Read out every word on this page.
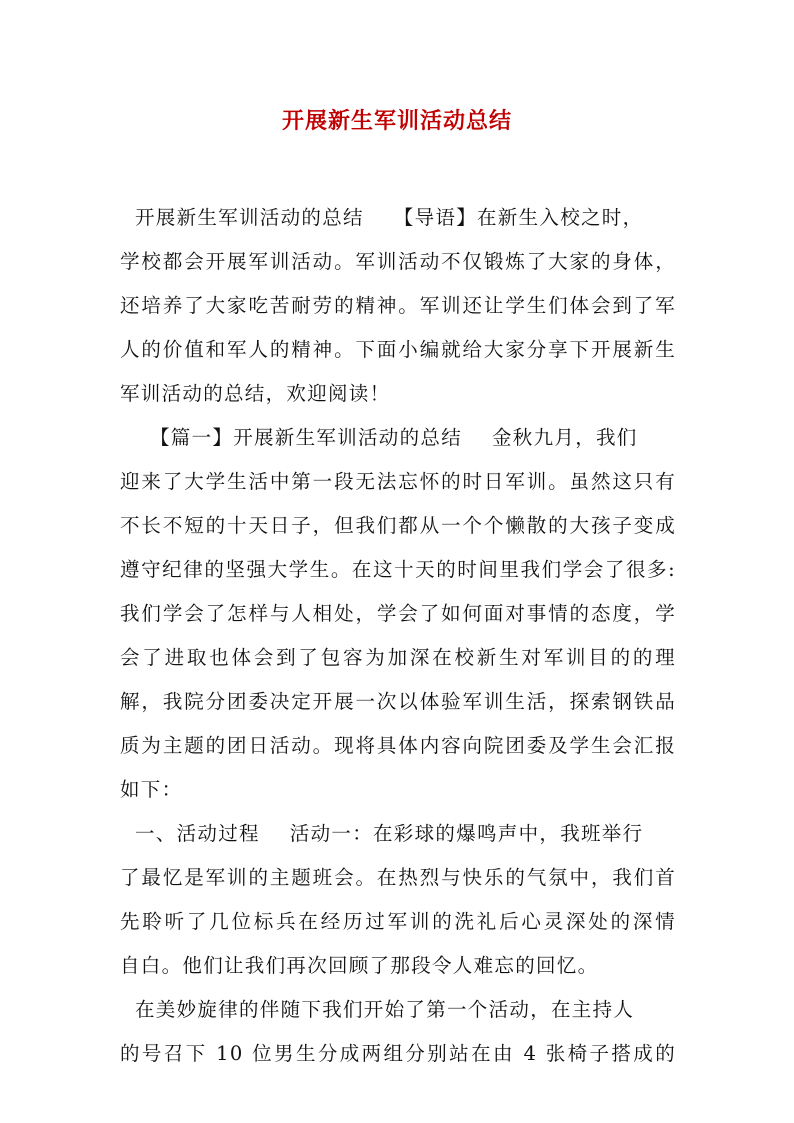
开展新生军训活动总结
开展新生军训活动的总结    【导语】在新生入校之时，
学校都会开展军训活动。军训活动不仅锻炼了大家的身体，
还培养了大家吃苦耐劳的精神。军训还让学生们体会到了军
人的价值和军人的精神。下面小编就给大家分享下开展新生
军训活动的总结，欢迎阅读！
【篇一】开展新生军训活动的总结    金秋九月，我们
迎来了大学生活中第一段无法忘怀的时日军训。虽然这只有
不长不短的十天日子，但我们都从一个个懒散的大孩子变成
遵守纪律的坚强大学生。在这十天的时间里我们学会了很多:
我们学会了怎样与人相处，学会了如何面对事情的态度，学
会了进取也体会到了包容为加深在校新生对军训目的的理
解，我院分团委决定开展一次以体验军训生活，探索钢铁品
质为主题的团日活动。现将具体内容向院团委及学生会汇报
如下：
一、活动过程    活动一：在彩球的爆鸣声中，我班举行
了最忆是军训的主题班会。在热烈与快乐的气氛中，我们首
先聆听了几位标兵在经历过军训的洗礼后心灵深处的深情
自白。他们让我们再次回顾了那段令人难忘的回忆。
在美妙旋律的伴随下我们开始了第一个活动，在主持人
的号召下 10 位男生分成两组分别站在由 4 张椅子搭成的
